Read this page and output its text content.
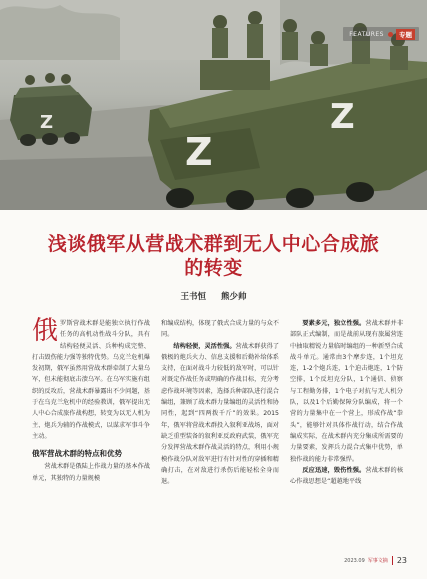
Z
Z
Z
FEATURES	专题
浅谈俄军从营战术群到无人中心合成旅
的转变
王书恒 熊少帅

俄罗斯营战术群是能独立执行作战任务的高机动性战斗分队，具有结构轻便灵活、兵种构成完整、打击毁伤能力强等独特优势。乌克兰危机爆发初期，俄军虽然用营战术群牵制了大量乌军，但未能彻底击溃乌军。在乌军实施有组织的反攻后，营战术群暴露出不少问题，基于在乌克兰危机中的经验教训，俄军提出无人中心合成旅作战构想，转变为以无人机为主、炮兵为辅的作战模式，以谋求军事斗争主动。

俄军营战术群的特点和优势

营战术群是俄陆上作战力量的基本作战单元，其独特的力量规模

和编成结构，体现了俄式合成力量的与众不同。

结构轻便，灵活性强。营战术群获得了俄极的炮兵火力、信息支援和后勤补给体系支持，在面对战斗力较低的敌军时，可以针对既定作战任务或明确的作战目标，充分考虑作战环境等因素，选择兵种部队进行混合编组，兼顾了战术群力量编组的灵活性和协同性，起到“四两拨千斤”的效果。2015年，俄军将营战术群投入叙利亚战场，面对缺乏重型装备的叙利亚反政府武装，俄军充分发挥营战术群作战灵活的特点，利用小规模作战分队对敌军进行有针对性的穿插和精确打击，在对敌进行杀伤后能轻松全身而退。

要素多元，独立性强。营战术群并非部队正式编制，而是战前从现有旅属营连中抽取精锐力量临时编组的一种新型合成战斗单元。通常由3个摩步连，1个坦克连，1-2个炮兵连，1个迫击炮连，1个防空排，1个反坦克分队，1个通信、侦察与工程勤务排，1个电子对抗与无人机分队，以及1个后勤保障分队编成，将一个营的力量集中在一个营上，形成作战“拳头”，能够针对具体作战行动，结合作战编成实际，在战术群内充分集成所需要的力量要素，发挥兵力混合式集中优势，单独作战的能力非常强悍。

反应迅速，毁伤性强。营战术群的核心作战思想是“超越地平线

2023.09 军事文摘 23
